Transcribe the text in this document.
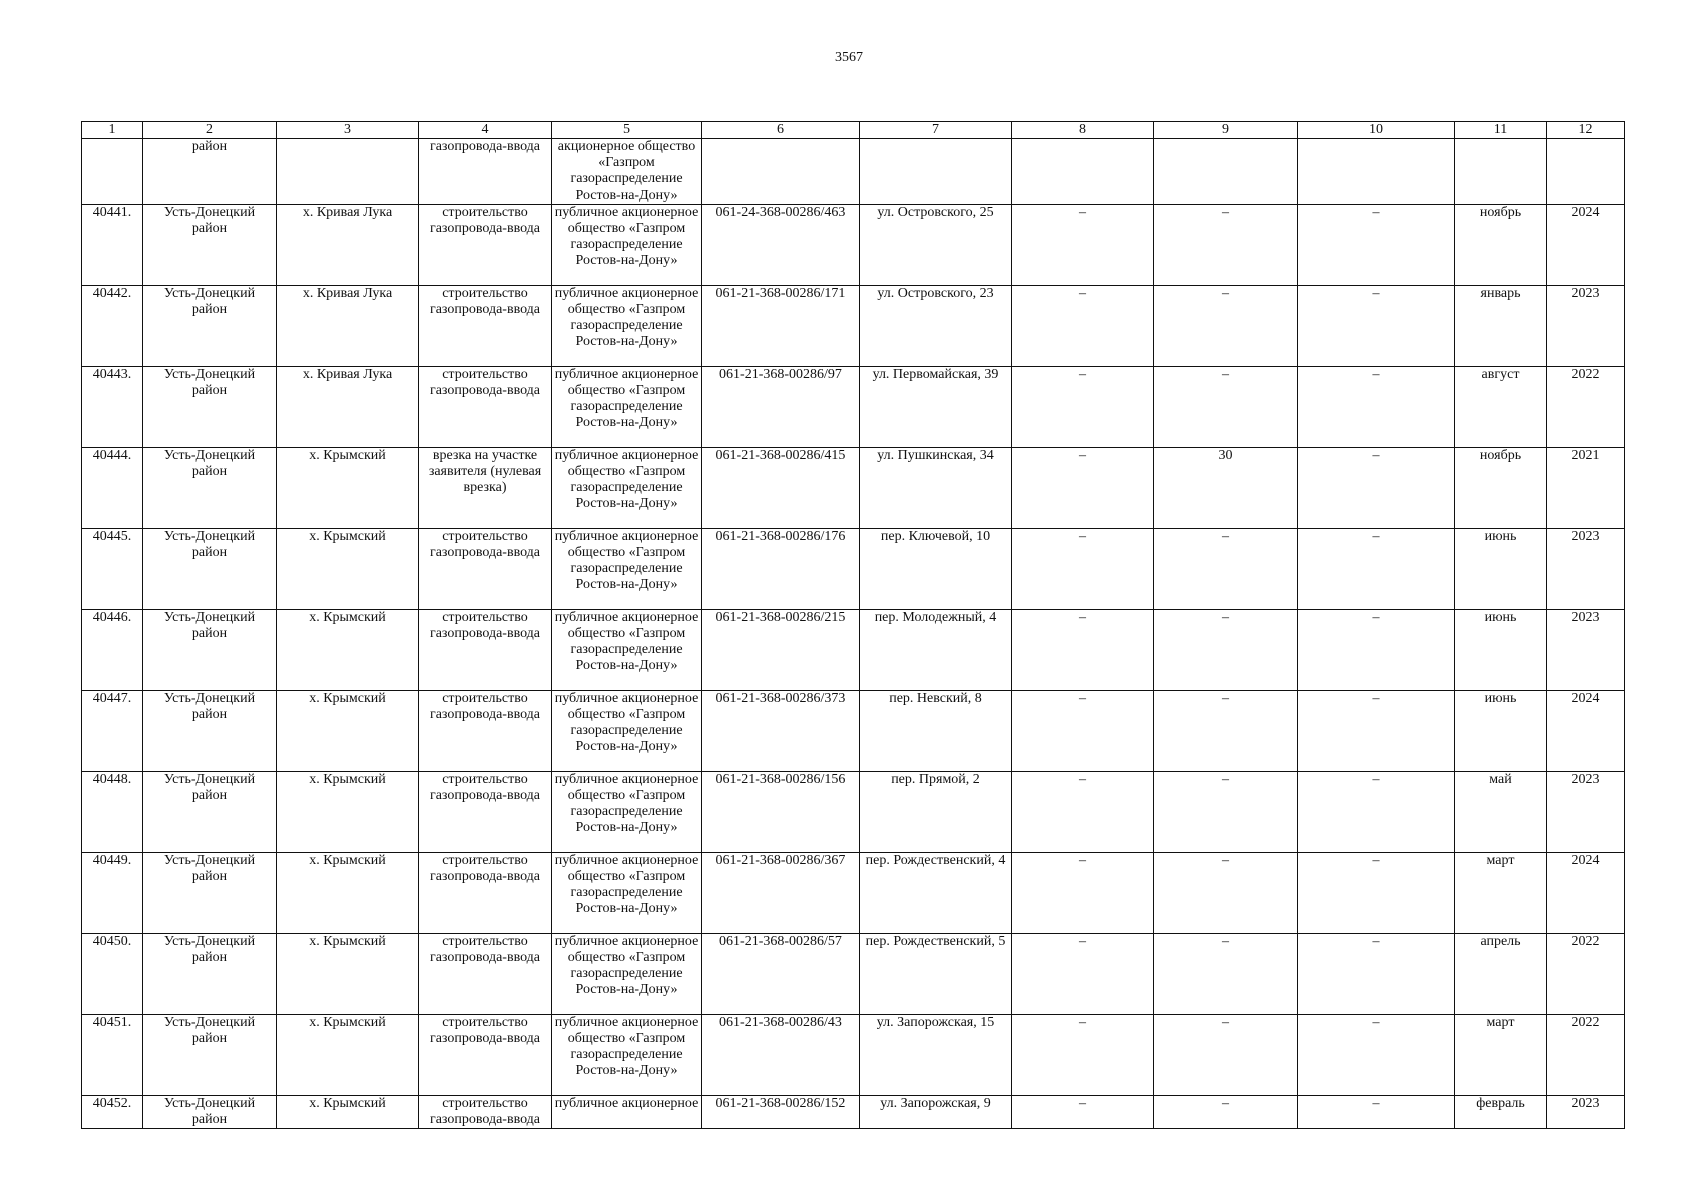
3567
1	2	3	4	5	6	7	8	9	10	11	12
	район		газопровода-ввода	акционерное общество «Газпром газораспределение Ростов-на-Дону»							
40441.	Усть-Донецкий район	х. Кривая Лука	строительство газопровода-ввода	публичное акционерное общество «Газпром газораспределение Ростов-на-Дону»	061-24-368-00286/463	ул. Островского, 25	–	–	–	ноябрь	2024
40442.	Усть-Донецкий район	х. Кривая Лука	строительство газопровода-ввода	публичное акционерное общество «Газпром газораспределение Ростов-на-Дону»	061-21-368-00286/171	ул. Островского, 23	–	–	–	январь	2023
40443.	Усть-Донецкий район	х. Кривая Лука	строительство газопровода-ввода	публичное акционерное общество «Газпром газораспределение Ростов-на-Дону»	061-21-368-00286/97	ул. Первомайская, 39	–	–	–	август	2022
40444.	Усть-Донецкий район	х. Крымский	врезка на участке заявителя (нулевая врезка)	публичное акционерное общество «Газпром газораспределение Ростов-на-Дону»	061-21-368-00286/415	ул. Пушкинская, 34	–	30	–	ноябрь	2021
40445.	Усть-Донецкий район	х. Крымский	строительство газопровода-ввода	публичное акционерное общество «Газпром газораспределение Ростов-на-Дону»	061-21-368-00286/176	пер. Ключевой, 10	–	–	–	июнь	2023
40446.	Усть-Донецкий район	х. Крымский	строительство газопровода-ввода	публичное акционерное общество «Газпром газораспределение Ростов-на-Дону»	061-21-368-00286/215	пер. Молодежный, 4	–	–	–	июнь	2023
40447.	Усть-Донецкий район	х. Крымский	строительство газопровода-ввода	публичное акционерное общество «Газпром газораспределение Ростов-на-Дону»	061-21-368-00286/373	пер. Невский, 8	–	–	–	июнь	2024
40448.	Усть-Донецкий район	х. Крымский	строительство газопровода-ввода	публичное акционерное общество «Газпром газораспределение Ростов-на-Дону»	061-21-368-00286/156	пер. Прямой, 2	–	–	–	май	2023
40449.	Усть-Донецкий район	х. Крымский	строительство газопровода-ввода	публичное акционерное общество «Газпром газораспределение Ростов-на-Дону»	061-21-368-00286/367	пер. Рождественский, 4	–	–	–	март	2024
40450.	Усть-Донецкий район	х. Крымский	строительство газопровода-ввода	публичное акционерное общество «Газпром газораспределение Ростов-на-Дону»	061-21-368-00286/57	пер. Рождественский, 5	–	–	–	апрель	2022
40451.	Усть-Донецкий район	х. Крымский	строительство газопровода-ввода	публичное акционерное общество «Газпром газораспределение Ростов-на-Дону»	061-21-368-00286/43	ул. Запорожская, 15	–	–	–	март	2022
40452.	Усть-Донецкий район	х. Крымский	строительство газопровода-ввода	публичное акционерное	061-21-368-00286/152	ул. Запорожская, 9	–	–	–	февраль	2023
